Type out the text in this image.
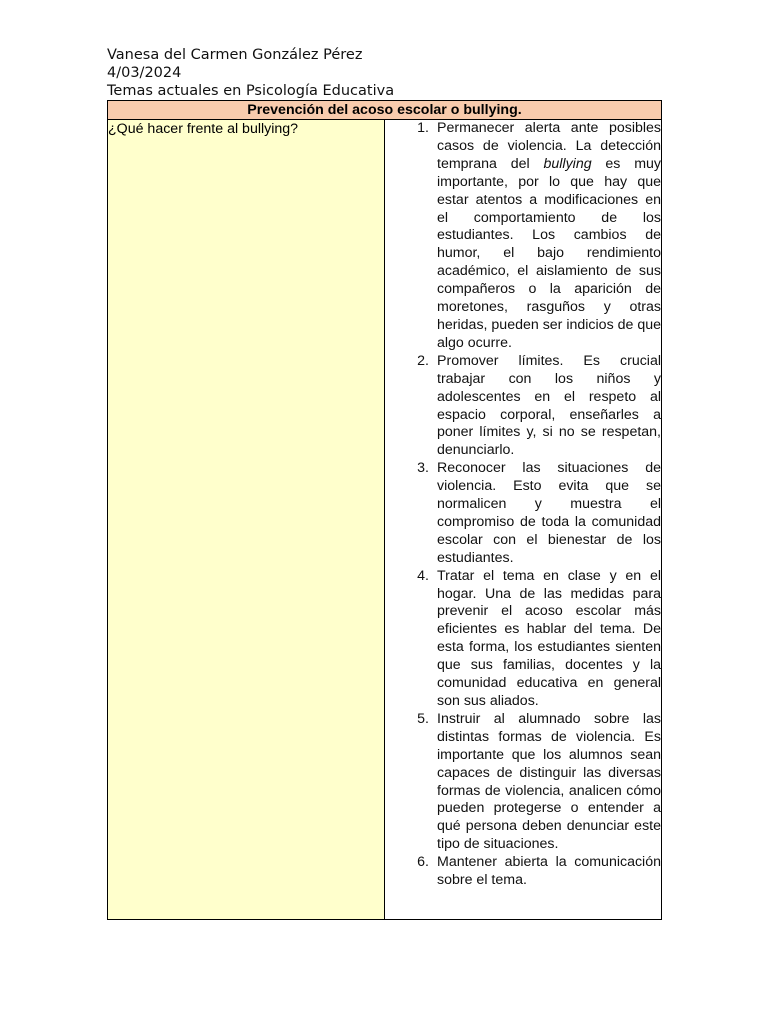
Vanesa del Carmen González Pérez
4/03/2024
Temas actuales en Psicología Educativa
Prevención del acoso escolar o bullying.
¿Qué hacer frente al bullying?	1. Permanecer alerta ante posibles casos de violencia. La detección temprana del bullying es muy importante, por lo que hay que estar atentos a modificaciones en el comportamiento de los estudiantes. Los cambios de humor, el bajo rendimiento académico, el aislamiento de sus compañeros o la aparición de moretones, rasguños y otras heridas, pueden ser indicios de que algo ocurre.
2. Promover límites. Es crucial trabajar con los niños y adolescentes en el respeto al espacio corporal, enseñarles a poner límites y, si no se respetan, denunciarlo.
3. Reconocer las situaciones de violencia. Esto evita que se normalicen y muestra el compromiso de toda la comunidad escolar con el bienestar de los estudiantes.
4. Tratar el tema en clase y en el hogar. Una de las medidas para prevenir el acoso escolar más eficientes es hablar del tema. De esta forma, los estudiantes sienten que sus familias, docentes y la comunidad educativa en general son sus aliados.
5. Instruir al alumnado sobre las distintas formas de violencia. Es importante que los alumnos sean capaces de distinguir las diversas formas de violencia, analicen cómo pueden protegerse o entender a qué persona deben denunciar este tipo de situaciones.
6. Mantener abierta la comunicación sobre el tema.
